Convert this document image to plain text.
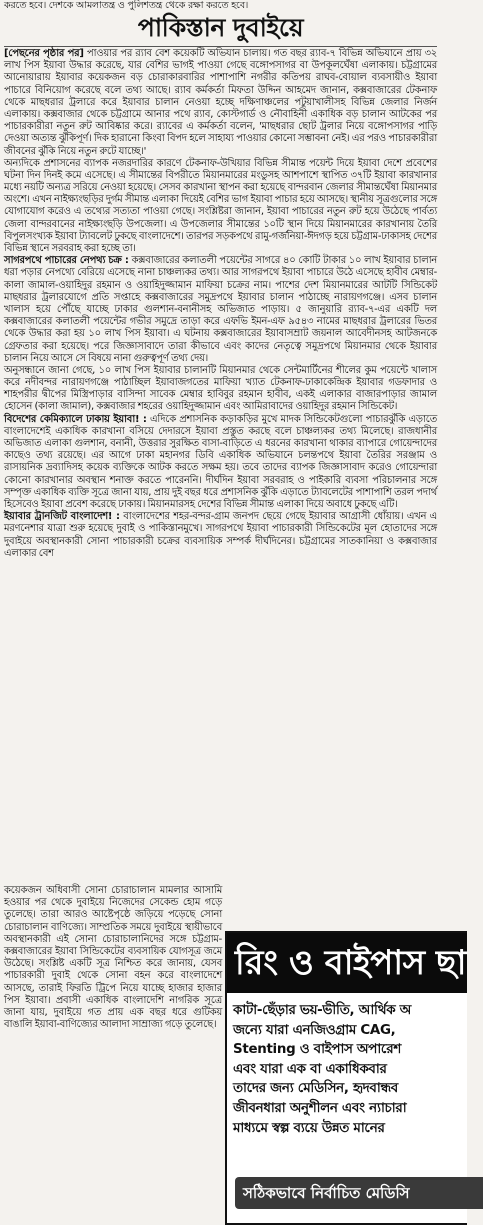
করতে হবে। দেশকে আমলাতন্ত্র ও পুলিশতন্ত্র থেকে রক্ষা করতে হবে।
পাকিস্তান দুবাইয়ে

[পেছনের পৃষ্ঠার পর] পাওয়ার পর র‌্যাব বেশ কয়েকটি অভিযান চালায়। গত বছর র‌্যাব-৭ বিভিন্ন অভিযানে প্রায় ৩২ লাখ পিস ইয়াবা উদ্ধার করেছে, যার বেশির ভাগই পাওয়া গেছে বঙ্গোপসাগর বা উপকূলঘেঁষা এলাকায়। চট্টগ্রামের আনোয়ারায় ইয়াবার কয়েকজন বড় চোরাকারবারির পাশাপাশি নগরীর কতিপয় রাঘব-বোয়াল ব্যবসায়ীও ইয়াবা পাচারে বিনিয়োগ করেছে বলে তথ্য আছে। র‌্যাব কর্মকর্তা মিফতা উদ্দিন আহমেদ জানান, কক্সবাজারের টেকনাফ থেকে মাছধরার ট্রলারে করে ইয়াবার চালান নেওয়া হচ্ছে দক্ষিণাঞ্চলের পটুয়াখালীসহ বিভিন্ন জেলার নির্জন এলাকায়। কক্সবাজার থেকে চট্টগ্রামে আনার পথে র‌্যাব, কোস্টগার্ড ও নৌবাহিনী একাধিক বড় চালান আটকের পর পাচারকারীরা নতুন রুট আবিষ্কার করে। র‌্যাবের এ কর্মকর্তা বলেন, 'মাছধরার ছোট ট্রলার নিয়ে বঙ্গোপসাগর পাড়ি দেওয়া অত্যন্ত ঝুঁকিপূর্ণ। দিক হারানো কিংবা বিপদ হলে সাহায্য পাওয়ার কোনো সম্ভাবনা নেই। এর পরও পাচারকারীরা জীবনের ঝুঁকি নিয়ে নতুন রুটে যাচ্ছে।'

অন্যদিকে প্রশাসনের ব্যাপক নজরদারির কারণে টেকনাফ-উখিয়ার বিভিন্ন সীমান্ত পয়েন্ট দিয়ে ইয়াবা দেশে প্রবেশের ঘটনা দিন দিনই কমে এসেছে। এ সীমান্তের বিপরীতে মিয়ানমারের মংডুসহ আশপাশে স্থাপিত ৩৭টি ইয়াবা কারখানার মধ্যে নয়টি অন্যত্র সরিয়ে নেওয়া হয়েছে। সেসব কারখানা স্থাপন করা হয়েছে বান্দরবান জেলার সীমান্তঘেঁষা মিয়ানমার অংশে। এখন নাইক্ষ্যংছড়ির দুর্গম সীমান্ত এলাকা দিয়েই বেশির ভাগ ইয়াবা পাচার হয়ে আসছে। স্থানীয় সূত্রগুলোর সঙ্গে যোগাযোগ করেও এ তথ্যের সত্যতা পাওয়া গেছে। সংশ্লিষ্টরা জানান, ইয়াবা পাচারের নতুন রুট হয়ে উঠেছে পার্বত্য জেলা বান্দরবানের নাইক্ষ্যংছড়ি উপজেলা। এ উপজেলার সীমান্তের ১০টি স্থান দিয়ে মিয়ানমারের কারখানায় তৈরি বিপুলসংখ্যক ইয়াবা ট্যাবলেট ঢুকছে বাংলাদেশে। তারপর সড়কপথে রামু-গর্জনিয়া-ঈদগড় হয়ে চট্টগ্রাম-ঢাকাসহ দেশের বিভিন্ন স্থানে সরবরাহ করা হচ্ছে তা।

সাগরপথে পাচারের নেপথ্য চক্র : কক্সবাজারের কলাতলী পয়েন্টের সাগরে ৪০ কোটি টাকার ১০ লাখ ইয়াবার চালান ধরা পড়ার নেপথ্যে বেরিয়ে এসেছে নানা চাঞ্চল্যকর তথ্য। আর সাগরপথে ইয়াবা পাচারে উঠে এসেছে হাবীব মেম্বার-কালা জামাল-ওয়াহিদুর রহমান ও ওয়াহিদুজ্জামান মাফিয়া চক্রের নাম। পাশের দেশ মিয়ানমারের আটটি সিন্ডিকেট মাছধরার ট্রলারযোগে প্রতি সপ্তাহে কক্সবাজারের সমুদ্রপথে ইয়াবার চালান পাঠাচ্ছে নারায়ণগঞ্জে। এসব চালান খালাস হয়ে পৌঁছে যাচ্ছে ঢাকার গুলশান-বনানীসহ অভিজাত পাড়ায়। ৫ জানুয়ারি র‌্যাব-৭-এর একটি দল কক্সবাজারের কলাতলী পয়েন্টের গভীর সমুদ্রে তাড়া করে এফভি ইমন-এফ ৯৫৪৩ নামের মাছধরার ট্রলারের ভিতর থেকে উদ্ধার করা হয় ১০ লাখ পিস ইয়াবা। এ ঘটনায় কক্সবাজারের ইয়াবাসম্রাট জয়নাল আবেদীনসহ আটজনকে গ্রেফতার করা হয়েছে। পরে জিজ্ঞাসাবাদে তারা কীভাবে এবং কাদের নেতৃত্বে সমুদ্রপথে মিয়ানমার থেকে ইয়াবার চালান নিয়ে আসে সে বিষয়ে নানা গুরুত্বপূর্ণ তথ্য দেয়।

অনুসন্ধানে জানা গেছে, ১০ লাখ পিস ইয়াবার চালানটি মিয়ানমার থেকে সেন্টমার্টিনের শীলের কুম পয়েন্টে খালাস করে নদীবন্দর নারায়ণগঞ্জে পাঠাচ্ছিল ইয়াবাজগতের মাফিয়া খ্যাত টেকনাফ-ঢাকাকেন্দ্রিক ইয়াবার গডফাদার ও শাহপরীর দ্বীপের মিস্ত্রিপাড়ার বাসিন্দা সাবেক মেম্বার হাবিবুর রহমান হাবীব, একই এলাকার বাজারপাড়ার জামাল হোসেন (কালা জামাল), কক্সবাজার শহরের ওয়াহিদুজ্জামান এবং আমিরাবাদের ওয়াহিদুর রহমান সিন্ডিকেট।

বিদেশের কেমিক্যালে ঢাকায় ইয়াবা! : এদিকে প্রশাসনিক কড়াকড়ির মুখে মাদক সিন্ডিকেটগুলো পাচারঝুঁকি এড়াতে বাংলাদেশেই একাধিক কারখানা বসিয়ে দেদারসে ইয়াবা প্রস্তুত করছে বলে চাঞ্চল্যকর তথ্য মিলেছে। রাজধানীর অভিজাত এলাকা গুলশান, বনানী, উত্তরার সুরক্ষিত বাসা-বাড়িতে এ ধরনের কারখানা থাকার ব্যাপারে গোয়েন্দাদের কাছেও তথ্য রয়েছে। এর আগে ঢাকা মহানগর ডিবি একাধিক অভিযানে চলন্তপথে ইয়াবা তৈরির সরঞ্জাম ও রাসায়নিক দ্রব্যাদিসহ কয়েক ব্যক্তিকে আটক করতে সক্ষম হয়। তবে তাদের ব্যাপক জিজ্ঞাসাবাদ করেও গোয়েন্দারা কোনো কারখানার অবস্থান শনাক্ত করতে পারেননি। দীর্ঘদিন ইয়াবা সরবরাহ ও পাইকারি ব্যবসা পরিচালনার সঙ্গে সম্পৃক্ত একাধিক ব্যক্তি সূত্রে জানা যায়, প্রায় দুই বছর ধরে প্রশাসনিক ঝুঁকি এড়াতে ট্যাবলেটের পাশাপাশি তরল পদার্থ হিসেবেও ইয়াবা প্রবেশ করেছে ঢাকায়। মিয়ানমারসহ দেশের বিভিন্ন সীমান্ত এলাকা দিয়ে অবাধে ঢুকছে এটি।

ইয়াবার ট্রানজিট বাংলাদেশ! : বাংলাদেশের শহর-বন্দর-গ্রাম জনপদ ছেয়ে গেছে ইয়াবার আগ্রাসী ধোঁয়ায়। এখন এ মরণনেশার যাত্রা শুরু হয়েছে দুবাই ও পাকিস্তানমুখে। সাগরপথে ইয়াবা পাচারকারী সিন্ডিকেটের মূল হোতাদের সঙ্গে দুবাইয়ে অবস্থানকারী সোনা পাচারকারী চক্রের ব্যবসায়িক সম্পর্ক দীর্ঘদিনের। চট্টগ্রামের সাতকানিয়া ও কক্সবাজার এলাকার বেশ

কয়েকজন অধিবাসী সোনা চোরাচালান মামলার আসামি হওয়ার পর থেকে দুবাইয়ে নিজেদের সেকেন্ড হোম গড়ে তুলেছে। তারা আরও আষ্টেপৃষ্ঠে জড়িয়ে পড়েছে সোনা চোরাচালান বাণিজ্যে। সাম্প্রতিক সময়ে দুবাইয়ে স্থায়ীভাবে অবস্থানকারী এই সোনা চোরাচালানিদের সঙ্গে চট্টগ্রাম-কক্সবাজারের ইয়াবা সিন্ডিকেটের ব্যবসায়িক যোগসূত্র জমে উঠেছে। সংশ্লিষ্ট একটি সূত্র নিশ্চিত করে জানায়, যেসব পাচারকারী দুবাই থেকে সোনা বহন করে বাংলাদেশে আসছে, তারাই ফিরতি ট্রিপে নিয়ে যাচ্ছে হাজার হাজার পিস ইয়াবা। প্রবাসী একাধিক বাংলাদেশি নাগরিক সূত্রে জানা যায়, দুবাইয়ে গত প্রায় এক বছর ধরে গুটিকয় বাঙালি ইয়াবা-বাণিজ্যের আলাদা সাম্রাজ্য গড়ে তুলেছে।

রিং ও বাইপাস ছা
কাটা-ছেঁড়ার ভয়-ভীতি, আর্থিক অ
জন্যে যারা এনজিওগ্রাম CAG,
Stenting ও বাইপাস অপারেশ
এবং যারা এক বা একাধিকবার
তাদের জন্য মেডিসিন, হৃদবান্ধব
জীবনধারা অনুশীলন এবং ন্যাচারা
মাধ্যমে স্বল্প ব্যয়ে উন্নত মানের
সঠিকভাবে নির্বাচিত মেডিসি
